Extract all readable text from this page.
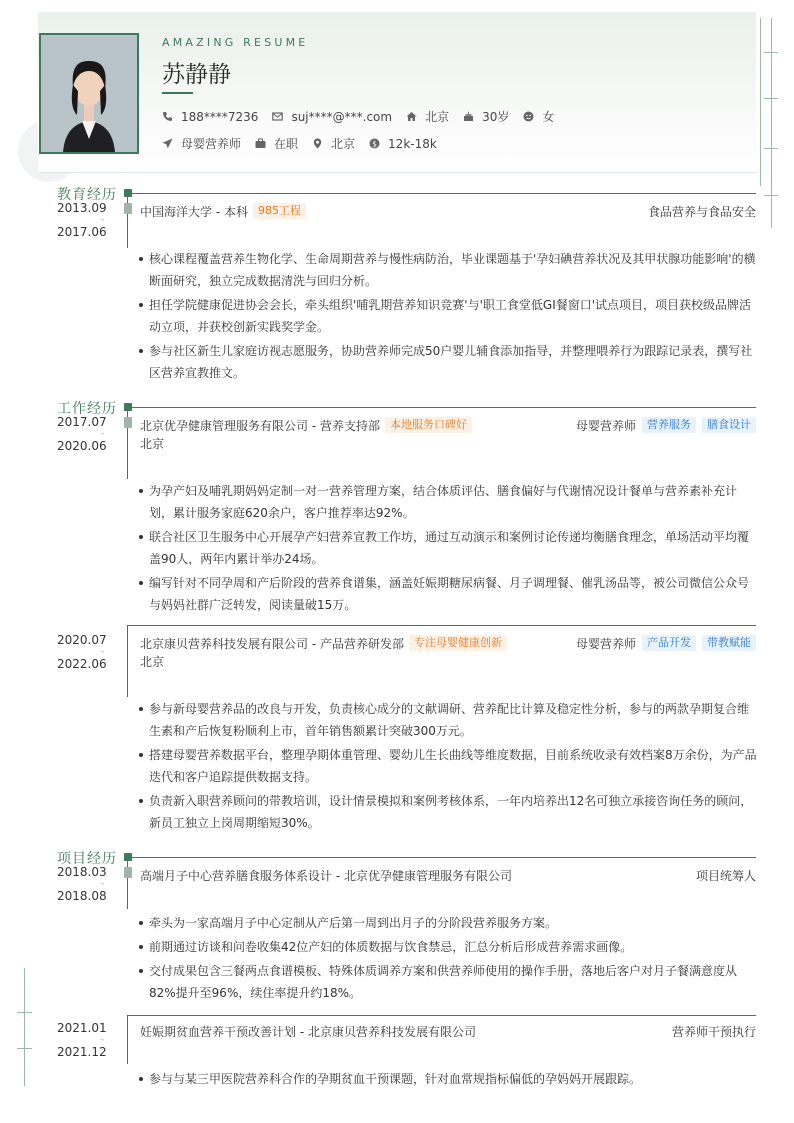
AMAZING RESUME
苏静静
188****7236	suj****@***.com	北京	30岁	女
母婴营养师	在职	北京 $ 12k-18k
教育经历
2013.09
-
2017.06
中国海洋大学 - 本科 985工程	食品营养与食品安全
核心课程覆盖营养生物化学、生命周期营养与慢性病防治，毕业课题基于'孕妇碘营养状况及其甲状腺功能影响'的横断面研究，独立完成数据清洗与回归分析。
担任学院健康促进协会会长，牵头组织'哺乳期营养知识竞赛'与'职工食堂低GI餐窗口'试点项目，项目获校级品牌活动立项，并获校创新实践奖学金。
参与社区新生儿家庭访视志愿服务，协助营养师完成50户婴儿辅食添加指导，并整理喂养行为跟踪记录表，撰写社区营养宣教推文。
工作经历
2017.07
-
2020.06
北京优孕健康管理服务有限公司 - 营养支持部 本地服务口碑好	母婴营养师	营养服务	膳食设计
北京
为孕产妇及哺乳期妈妈定制一对一营养管理方案，结合体质评估、膳食偏好与代谢情况设计餐单与营养素补充计划，累计服务家庭620余户，客户推荐率达92%。
联合社区卫生服务中心开展孕产妇营养宣教工作坊，通过互动演示和案例讨论传递均衡膳食理念，单场活动平均覆盖90人，两年内累计举办24场。
编写针对不同孕周和产后阶段的营养食谱集，涵盖妊娠期糖尿病餐、月子调理餐、催乳汤品等，被公司微信公众号与妈妈社群广泛转发，阅读量破15万。
2020.07
-
2022.06
北京康贝营养科技发展有限公司 - 产品营养研发部 专注母婴健康创新	母婴营养师	产品开发	带教赋能
北京
参与新母婴营养品的改良与开发，负责核心成分的文献调研、营养配比计算及稳定性分析，参与的两款孕期复合维生素和产后恢复粉顺利上市，首年销售额累计突破300万元。
搭建母婴营养数据平台，整理孕期体重管理、婴幼儿生长曲线等维度数据，目前系统收录有效档案8万余份，为产品迭代和客户追踪提供数据支持。
负责新入职营养顾问的带教培训，设计情景模拟和案例考核体系，一年内培养出12名可独立承接咨询任务的顾问，新员工独立上岗周期缩短30%。
项目经历
2018.03
-
2018.08
高端月子中心营养膳食服务体系设计 - 北京优孕健康管理服务有限公司	项目统筹人
牵头为一家高端月子中心定制从产后第一周到出月子的分阶段营养服务方案。
前期通过访谈和问卷收集42位产妇的体质数据与饮食禁忌，汇总分析后形成营养需求画像。
交付成果包含三餐两点食谱模板、特殊体质调养方案和供营养师使用的操作手册，落地后客户对月子餐满意度从82%提升至96%，续住率提升约18%。
2021.01
-
2021.12
妊娠期贫血营养干预改善计划 - 北京康贝营养科技发展有限公司	营养师干预执行
参与与某三甲医院营养科合作的孕期贫血干预课题，针对血常规指标偏低的孕妈妈开展跟踪。
